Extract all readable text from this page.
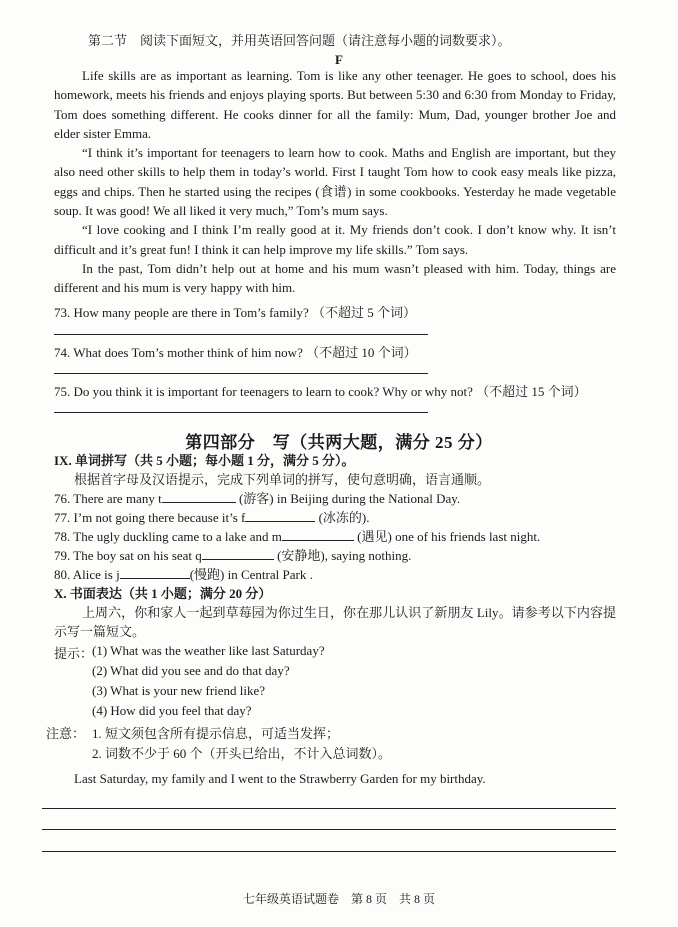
第二节　阅读下面短文，并用英语回答问题（请注意每小题的词数要求）。
F

Life skills are as important as learning. Tom is like any other teenager. He goes to school, does his homework, meets his friends and enjoys playing sports. But between 5:30 and 6:30 from Monday to Friday, Tom does something different. He cooks dinner for all the family: Mum, Dad, younger brother Joe and elder sister Emma.

“I think it’s important for teenagers to learn how to cook. Maths and English are important, but they also need other skills to help them in today’s world. First I taught Tom how to cook easy meals like pizza, eggs and chips. Then he started using the recipes (食谱) in some cookbooks. Yesterday he made vegetable soup. It was good! We all liked it very much,” Tom’s mum says.

“I love cooking and I think I’m really good at it. My friends don’t cook. I don’t know why. It isn’t difficult and it’s great fun! I think it can help improve my life skills.” Tom says.

In the past, Tom didn’t help out at home and his mum wasn’t pleased with him. Today, things are different and his mum is very happy with him.

73. How many people are there in Tom’s family? （不超过 5 个词）
74. What does Tom’s mother think of him now? （不超过 10 个词）
75. Do you think it is important for teenagers to learn to cook? Why or why not? （不超过 15 个词）
第四部分　写（共两大题，满分 25 分）
IX. 单词拼写（共 5 小题；每小题 1 分，满分 5 分）。
根据首字母及汉语提示，完成下列单词的拼写，使句意明确，语言通顺。
76. There are many t	(游客) in Beijing during the National Day.
77. I’m not going there because it’s f	(冰冻的).
78. The ugly duckling came to a lake and m	(遇见) one of his friends last night.
79. The boy sat on his seat q	(安静地), saying nothing.
80. Alice is j	(慢跑) in Central Park .
X. 书面表达（共 1 小题；满分 20 分）

上周六，你和家人一起到草莓园为你过生日，你在那儿认识了新朋友 Lily。请参考以下内容提示写一篇短文。

提示：
(1) What was the weather like last Saturday?
(2) What did you see and do that day?
(3) What is your new friend like?
(4) How did you feel that day?
注意： 1. 短文须包含所有提示信息，可适当发挥；
2. 词数不少于 60 个（开头已给出，不计入总词数）。
Last Saturday, my family and I went to the Strawberry Garden for my birthday.
七年级英语试题卷　第 8 页　共 8 页
